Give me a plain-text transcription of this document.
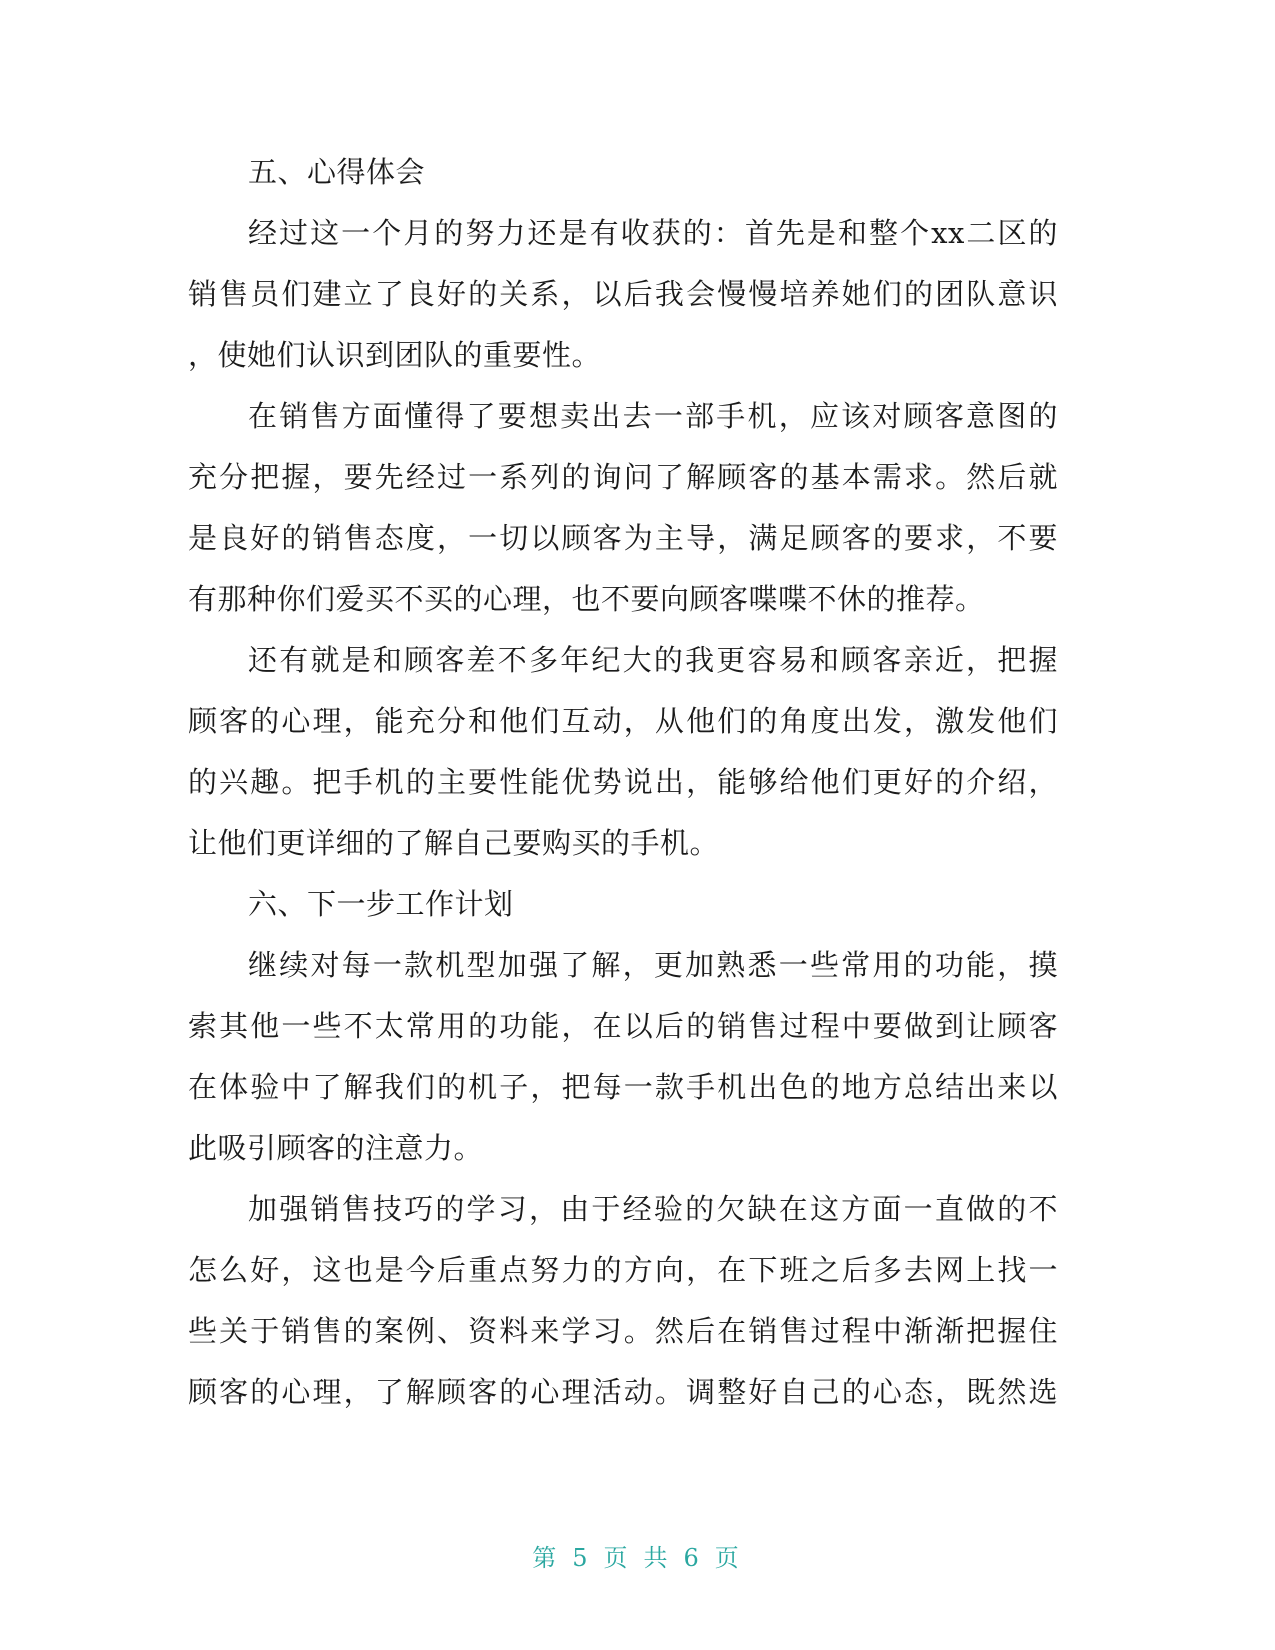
五、心得体会
经过这一个月的努力还是有收获的：首先是和整个xx二区的
销售员们建立了良好的关系，以后我会慢慢培养她们的团队意识
，使她们认识到团队的重要性。
在销售方面懂得了要想卖出去一部手机，应该对顾客意图的
充分把握，要先经过一系列的询问了解顾客的基本需求。然后就
是良好的销售态度，一切以顾客为主导，满足顾客的要求，不要
有那种你们爱买不买的心理，也不要向顾客喋喋不休的推荐。
还有就是和顾客差不多年纪大的我更容易和顾客亲近，把握
顾客的心理，能充分和他们互动，从他们的角度出发，激发他们
的兴趣。把手机的主要性能优势说出，能够给他们更好的介绍，
让他们更详细的了解自己要购买的手机。
六、下一步工作计划
继续对每一款机型加强了解，更加熟悉一些常用的功能，摸
索其他一些不太常用的功能，在以后的销售过程中要做到让顾客
在体验中了解我们的机子，把每一款手机出色的地方总结出来以
此吸引顾客的注意力。
加强销售技巧的学习，由于经验的欠缺在这方面一直做的不
怎么好，这也是今后重点努力的方向，在下班之后多去网上找一
些关于销售的案例、资料来学习。然后在销售过程中渐渐把握住
顾客的心理，了解顾客的心理活动。调整好自己的心态，既然选
第 5 页 共 6 页
